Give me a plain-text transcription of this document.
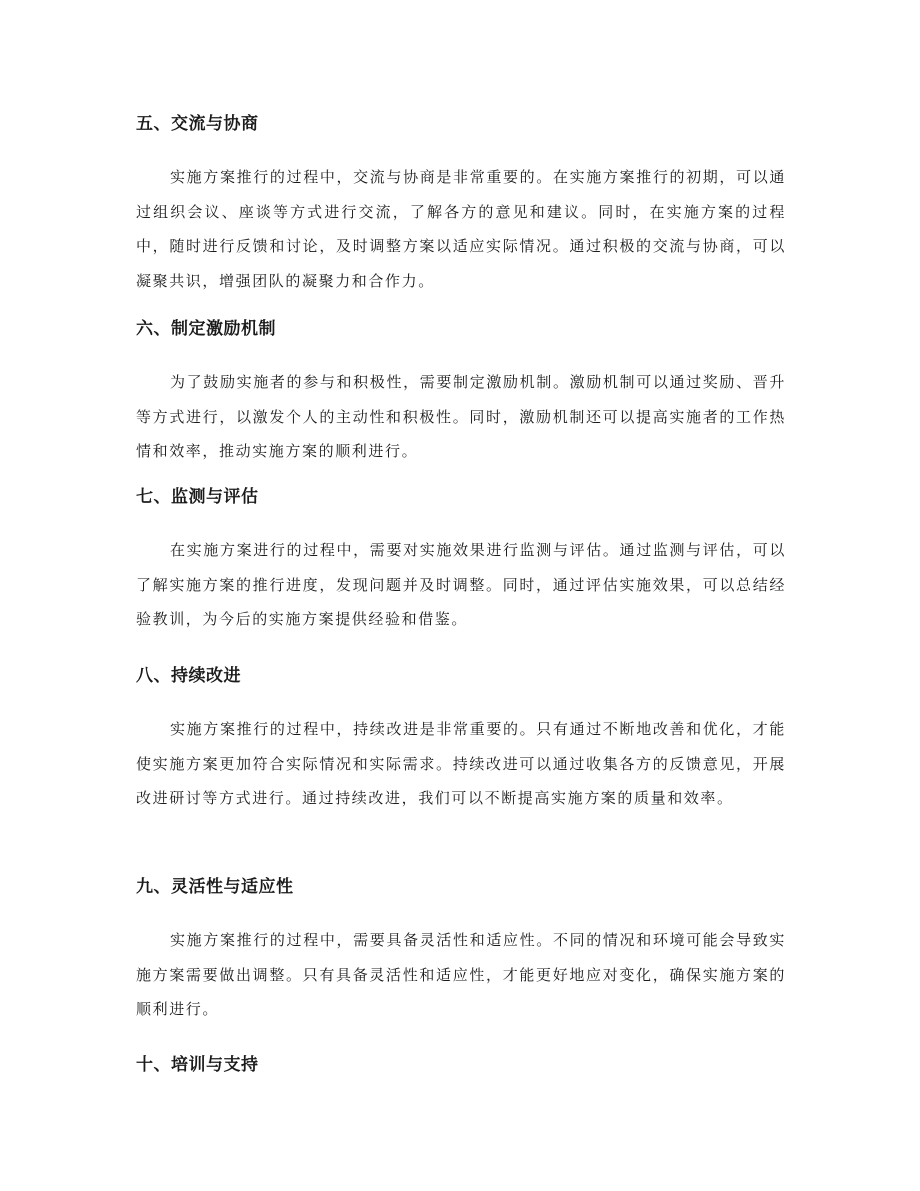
五、交流与协商

实施方案推行的过程中，交流与协商是非常重要的。在实施方案推行的初期，可以通过组织会议、座谈等方式进行交流，了解各方的意见和建议。同时，在实施方案的过程中，随时进行反馈和讨论，及时调整方案以适应实际情况。通过积极的交流与协商，可以凝聚共识，增强团队的凝聚力和合作力。

六、制定激励机制

为了鼓励实施者的参与和积极性，需要制定激励机制。激励机制可以通过奖励、晋升等方式进行，以激发个人的主动性和积极性。同时，激励机制还可以提高实施者的工作热情和效率，推动实施方案的顺利进行。

七、监测与评估

在实施方案进行的过程中，需要对实施效果进行监测与评估。通过监测与评估，可以了解实施方案的推行进度，发现问题并及时调整。同时，通过评估实施效果，可以总结经验教训，为今后的实施方案提供经验和借鉴。

八、持续改进

实施方案推行的过程中，持续改进是非常重要的。只有通过不断地改善和优化，才能使实施方案更加符合实际情况和实际需求。持续改进可以通过收集各方的反馈意见，开展改进研讨等方式进行。通过持续改进，我们可以不断提高实施方案的质量和效率。

九、灵活性与适应性

实施方案推行的过程中，需要具备灵活性和适应性。不同的情况和环境可能会导致实施方案需要做出调整。只有具备灵活性和适应性，才能更好地应对变化，确保实施方案的顺利进行。

十、培训与支持
